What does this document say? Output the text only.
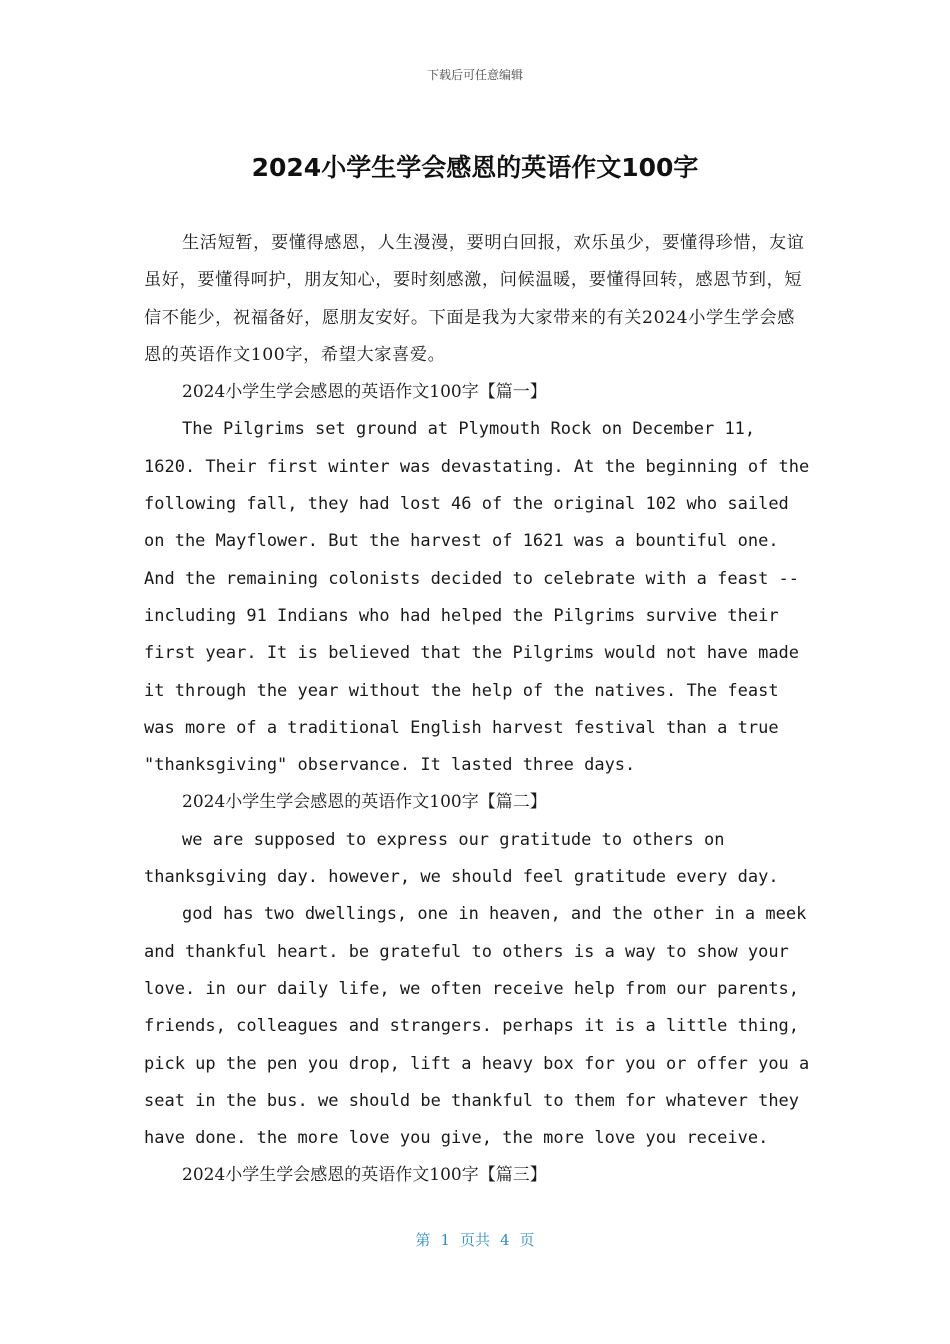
下载后可任意编辑
2024小学生学会感恩的英语作文100字

生活短暂，要懂得感恩，人生漫漫，要明白回报，欢乐虽少，要懂得珍惜，友谊虽好，要懂得呵护，朋友知心，要时刻感激，问候温暖，要懂得回转，感恩节到，短信不能少，祝福备好，愿朋友安好。下面是我为大家带来的有关2024小学生学会感恩的英语作文100字，希望大家喜爱。

2024小学生学会感恩的英语作文100字【篇一】

The Pilgrims set ground at Plymouth Rock on December 11, 1620. Their first winter was devastating. At the beginning of the following fall, they had lost 46 of the original 102 who sailed on the Mayflower. But the harvest of 1621 was a bountiful one. And the remaining colonists decided to celebrate with a feast -- including 91 Indians who had helped the Pilgrims survive their first year. It is believed that the Pilgrims would not have made it through the year without the help of the natives. The feast was more of a traditional English harvest festival than a true "thanksgiving" observance. It lasted three days.

2024小学生学会感恩的英语作文100字【篇二】

we are supposed to express our gratitude to others on thanksgiving day. however, we should feel gratitude every day.

god has two dwellings, one in heaven, and the other in a meek and thankful heart. be grateful to others is a way to show your love. in our daily life, we often receive help from our parents, friends, colleagues and strangers. perhaps it is a little thing, pick up the pen you drop, lift a heavy box for you or offer you a seat in the bus. we should be thankful to them for whatever they have done. the more love you give, the more love you receive.

2024小学生学会感恩的英语作文100字【篇三】

第 1 页共 4 页
